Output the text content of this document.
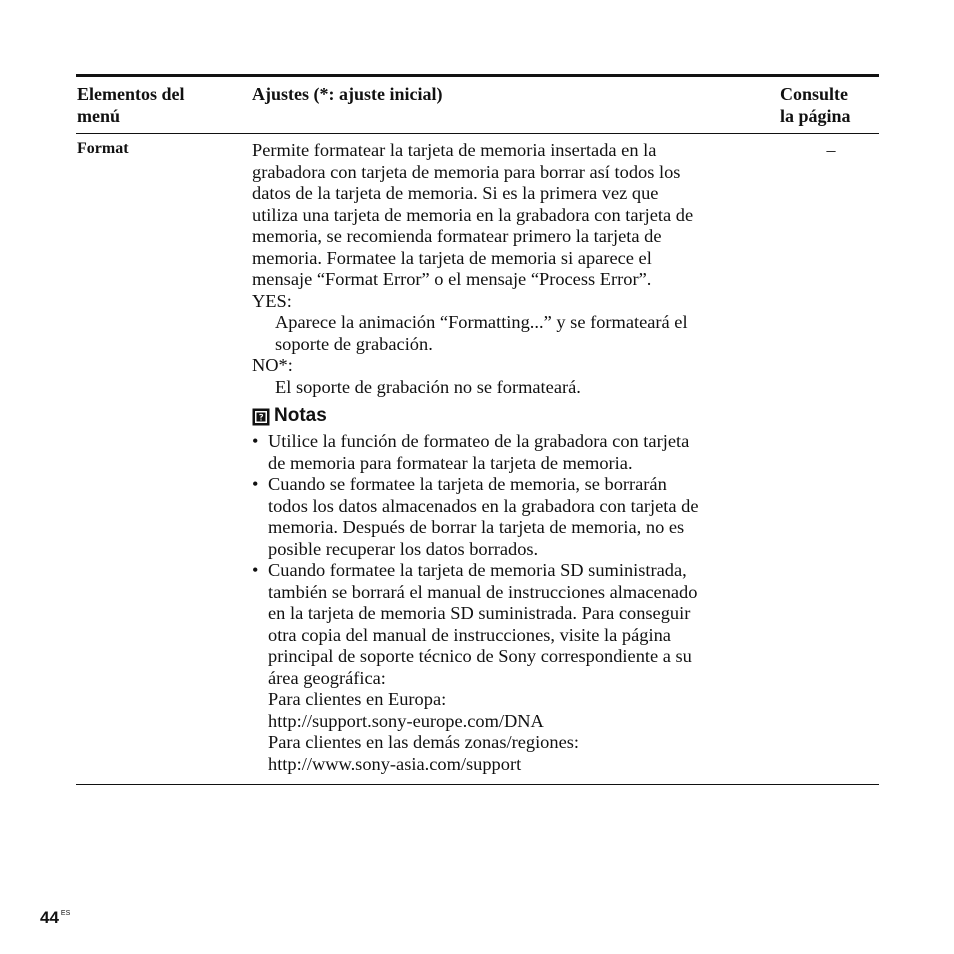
Elementos del
menú
Ajustes (*: ajuste inicial)	Consulte
la página
Format	Permite formatear la tarjeta de memoria insertada en la
grabadora con tarjeta de memoria para borrar así todos los
datos de la tarjeta de memoria. Si es la primera vez que
utiliza una tarjeta de memoria en la grabadora con tarjeta de
memoria, se recomienda formatear primero la tarjeta de
memoria. Formatee la tarjeta de memoria si aparece el
mensaje “Format Error” o el mensaje “Process Error”.
YES:
Aparece la animación “Formatting...” y se formateará el
soporte de grabación.
NO*:
El soporte de grabación no se formateará.
Notas
• Utilice la función de formateo de la grabadora con tarjeta
de memoria para formatear la tarjeta de memoria.
• Cuando se formatee la tarjeta de memoria, se borrarán
todos los datos almacenados en la grabadora con tarjeta de
memoria. Después de borrar la tarjeta de memoria, no es
posible recuperar los datos borrados.
• Cuando formatee la tarjeta de memoria SD suministrada,
también se borrará el manual de instrucciones almacenado
en la tarjeta de memoria SD suministrada. Para conseguir
otra copia del manual de instrucciones, visite la página
principal de soporte técnico de Sony correspondiente a su
área geográfica:
Para clientes en Europa:
http://support.sony-europe.com/DNA
Para clientes en las demás zonas/regiones:
http://www.sony-asia.com/support
–
44 $^{ES}$
